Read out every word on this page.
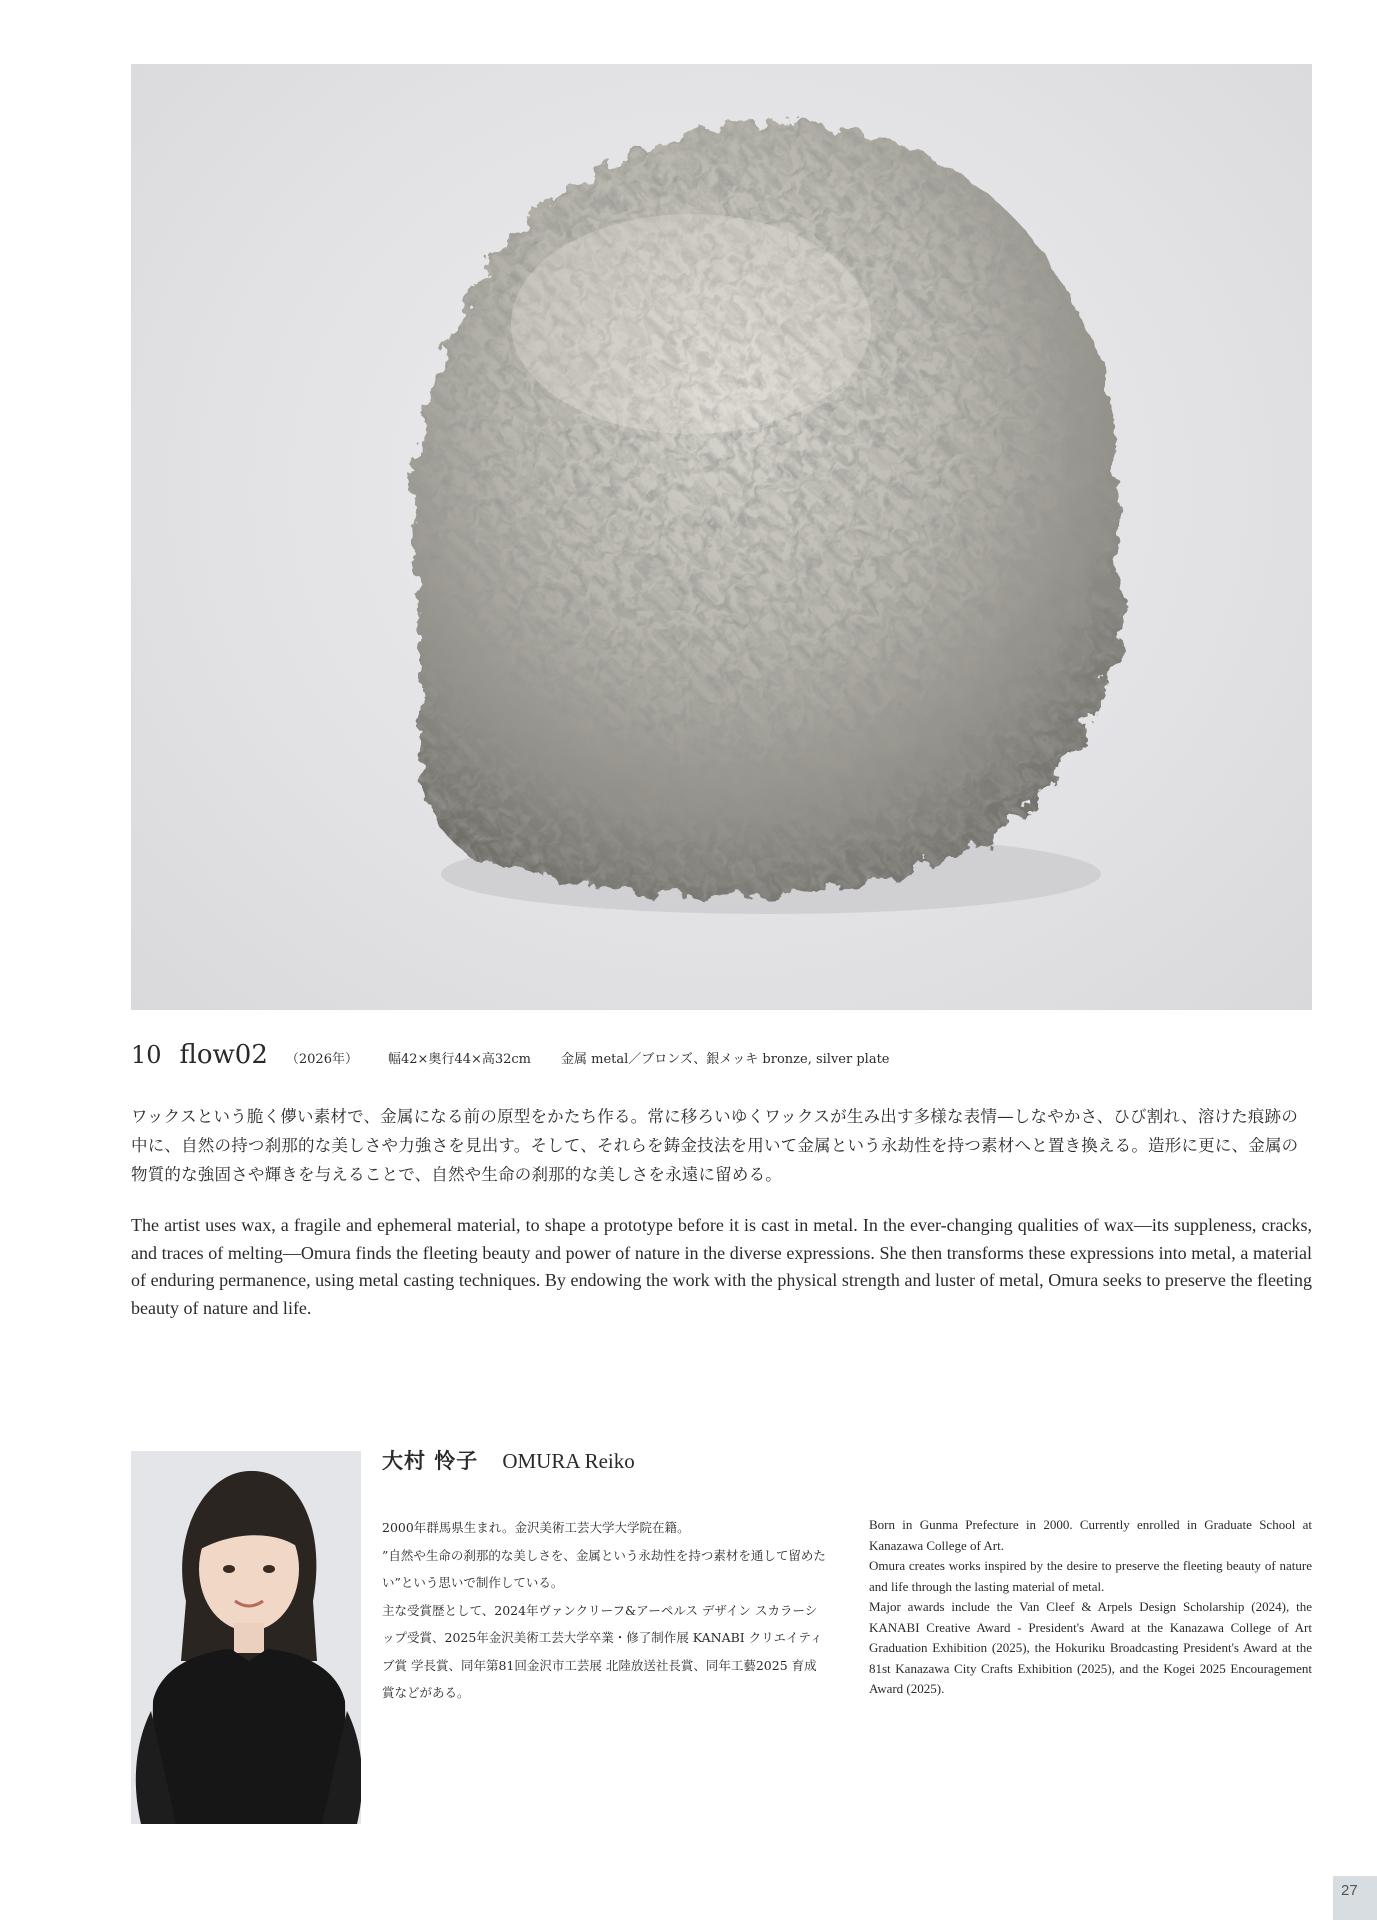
10 flow02 （2026年） 幅42×奥行44×高32cm 金属 metal／ブロンズ、銀メッキ bronze, silver plate
ワックスという脆く儚い素材で、金属になる前の原型をかたち作る。常に移ろいゆくワックスが生み出す多様な表情—しなやかさ、ひび割れ、溶けた痕跡の中に、自然の持つ刹那的な美しさや力強さを見出す。そして、それらを鋳金技法を用いて金属という永劫性を持つ素材へと置き換える。造形に更に、金属の物質的な強固さや輝きを与えることで、自然や生命の刹那的な美しさを永遠に留める。
The artist uses wax, a fragile and ephemeral material, to shape a prototype before it is cast in metal. In the ever-changing qualities of wax—its suppleness, cracks, and traces of melting—Omura finds the fleeting beauty and power of nature in the diverse expressions. She then transforms these expressions into metal, a material of enduring permanence, using metal casting techniques. By endowing the work with the physical strength and luster of metal, Omura seeks to preserve the fleeting beauty of nature and life.
大村 怜子 OMURA Reiko

2000年群馬県生まれ。金沢美術工芸大学大学院在籍。

”自然や生命の刹那的な美しさを、金属という永劫性を持つ素材を通して留めたい”という思いで制作している。

主な受賞歴として、2024年ヴァンクリーフ&アーペルス デザイン スカラーシップ受賞、2025年金沢美術工芸大学卒業・修了制作展 KANABI クリエイティブ賞 学長賞、同年第81回金沢市工芸展 北陸放送社長賞、同年工藝2025 育成賞などがある。

Born in Gunma Prefecture in 2000. Currently enrolled in Graduate School at Kanazawa College of Art.

Omura creates works inspired by the desire to preserve the fleeting beauty of nature and life through the lasting material of metal.

Major awards include the Van Cleef & Arpels Design Scholarship (2024), the KANABI Creative Award - President's Award at the Kanazawa College of Art Graduation Exhibition (2025), the Hokuriku Broadcasting President's Award at the 81st Kanazawa City Crafts Exhibition (2025), and the Kogei 2025 Encouragement Award (2025).

27
